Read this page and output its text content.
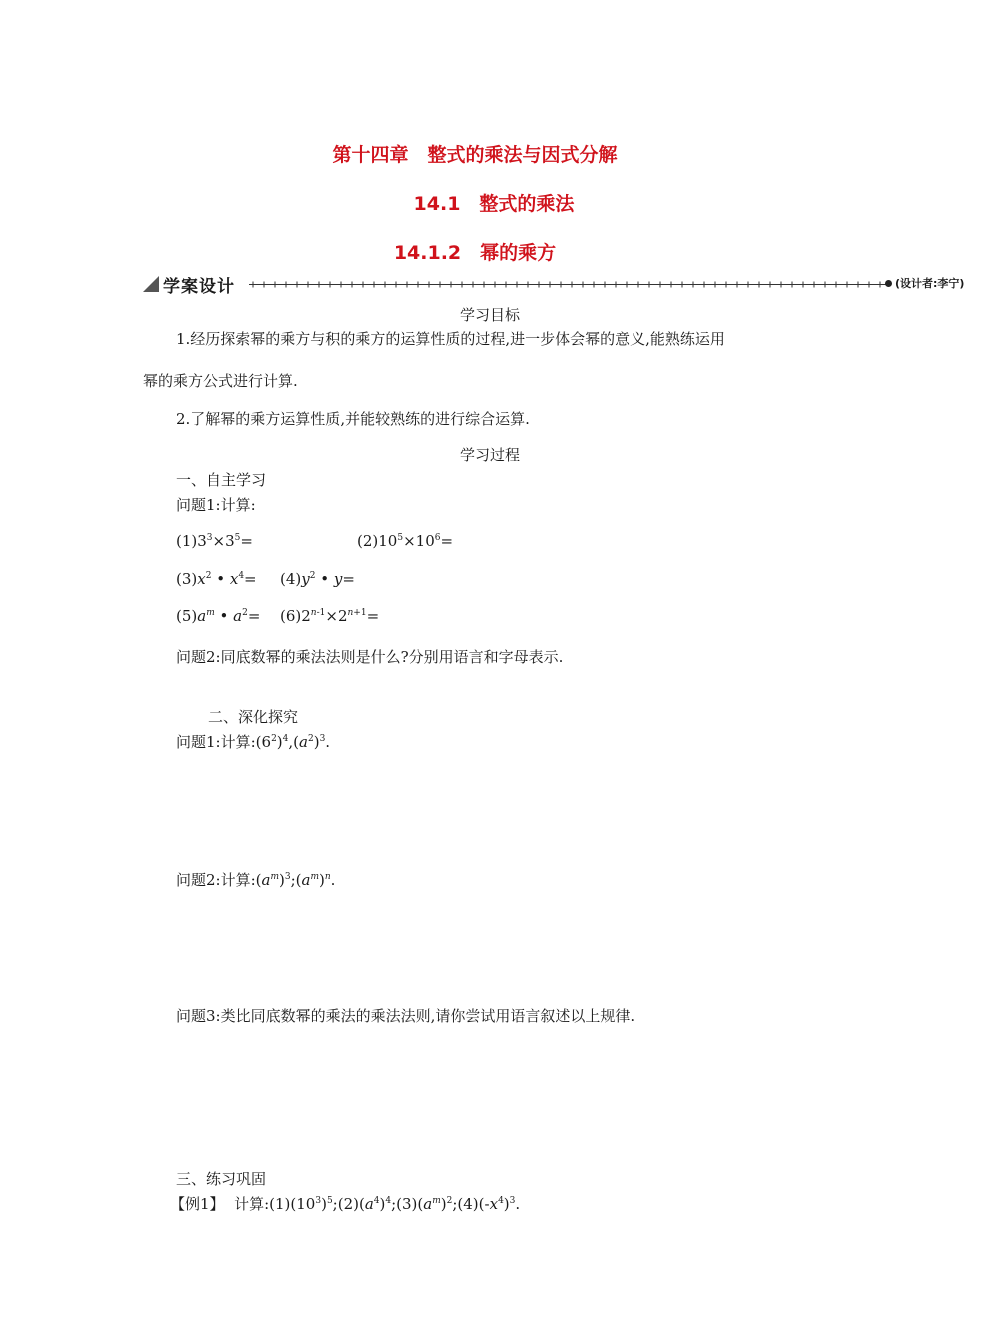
第十四章　整式的乘法与因式分解
14.1　整式的乘法
14.1.2　幂的乘方
学案设计	(设计者:李宁)
学习目标
1.经历探索幂的乘方与积的乘方的运算性质的过程,进一步体会幂的意义,能熟练运用
幂的乘方公式进行计算.
2.了解幂的乘方运算性质,并能较熟练的进行综合运算.
学习过程
一、自主学习
问题1:计算:
$(1)3^3\times 3^5=$	$(2)10^5\times 10^6=$
$(3)x^2$ • $x^4= (4)y^2$ • y=
$(5)a^m$ • $a^2= (6)2^{n-1}\times 2^{n+1}=$
问题2:同底数幂的乘法法则是什么?分别用语言和字母表示.
二、深化探究
问题1:计算$:(6^2)^4,(a^2)^3$.
问题2:计算$:(a^m)^3;(a^m)^n$.
问题3:类比同底数幂的乘法的乘法法则,请你尝试用语言叙述以上规律.
三、练习巩固
【例1】 计算$:(1)(10^3)^5;(2)(a^4)^4;(3)(a^m)^2;(4)(-x^4)^3$.
